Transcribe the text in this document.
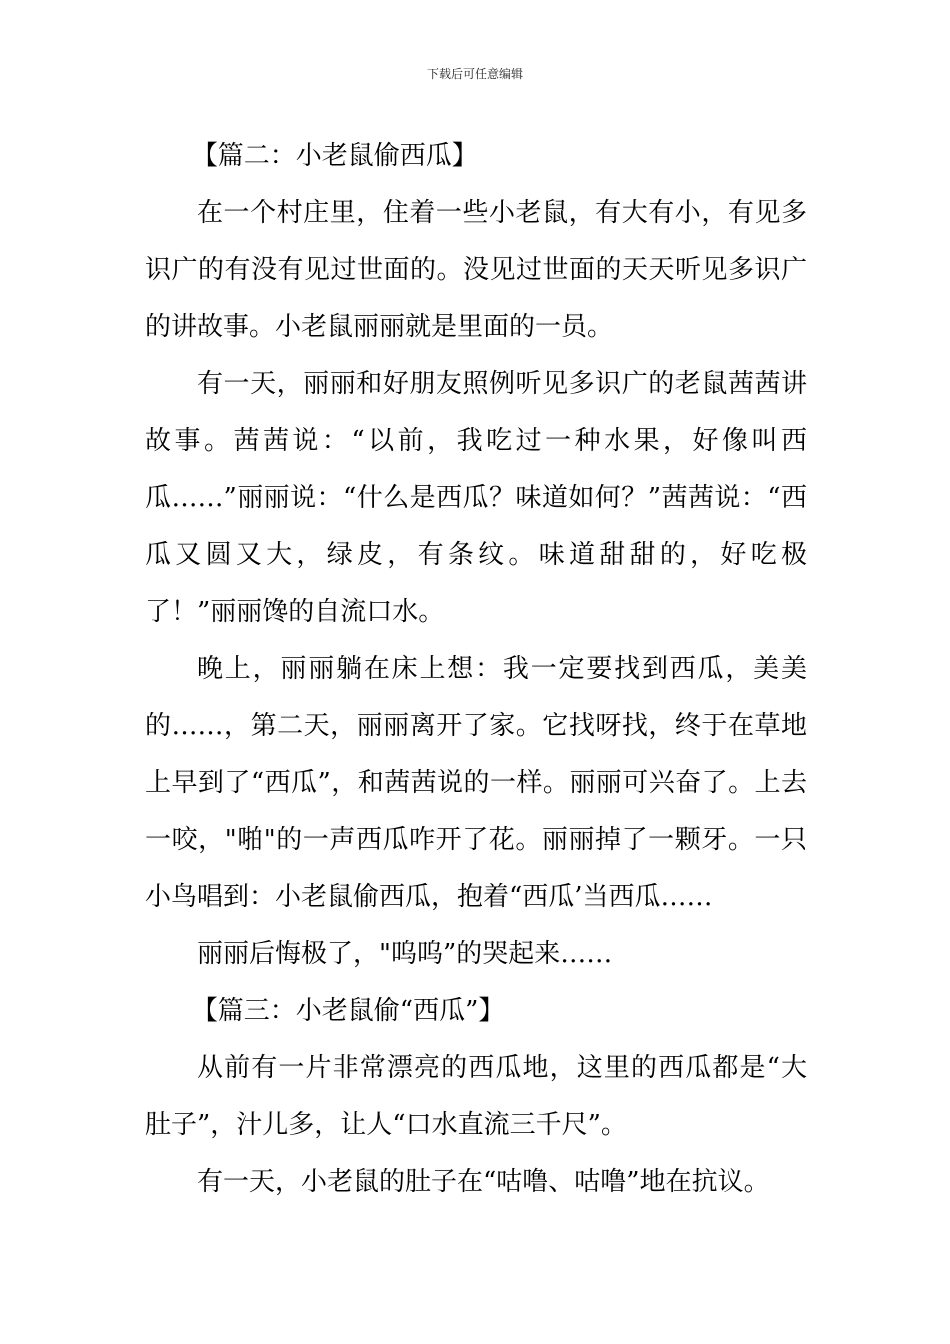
下载后可任意编辑

【篇二：小老鼠偷西瓜】

在一个村庄里，住着一些小老鼠，有大有小，有见多识广的有没有见过世面的。没见过世面的天天听见多识广的讲故事。小老鼠丽丽就是里面的一员。

有一天，丽丽和好朋友照例听见多识广的老鼠茜茜讲故事。茜茜说：“以前，我吃过一种水果，好像叫西瓜……”丽丽说：“什么是西瓜？味道如何？”茜茜说：“西瓜又圆又大，绿皮，有条纹。味道甜甜的，好吃极了！”丽丽馋的自流口水。

晚上，丽丽躺在床上想：我一定要找到西瓜，美美的……，第二天，丽丽离开了家。它找呀找，终于在草地上早到了“西瓜”，和茜茜说的一样。丽丽可兴奋了。上去一咬，"啪"的一声西瓜咋开了花。丽丽掉了一颗牙。一只小鸟唱到：小老鼠偷西瓜，抱着“西瓜’当西瓜……

丽丽后悔极了，"呜呜”的哭起来……

【篇三：小老鼠偷“西瓜”】

从前有一片非常漂亮的西瓜地，这里的西瓜都是“大肚子”，汁儿多，让人“口水直流三千尺”。

有一天，小老鼠的肚子在“咕噜、咕噜”地在抗议。
